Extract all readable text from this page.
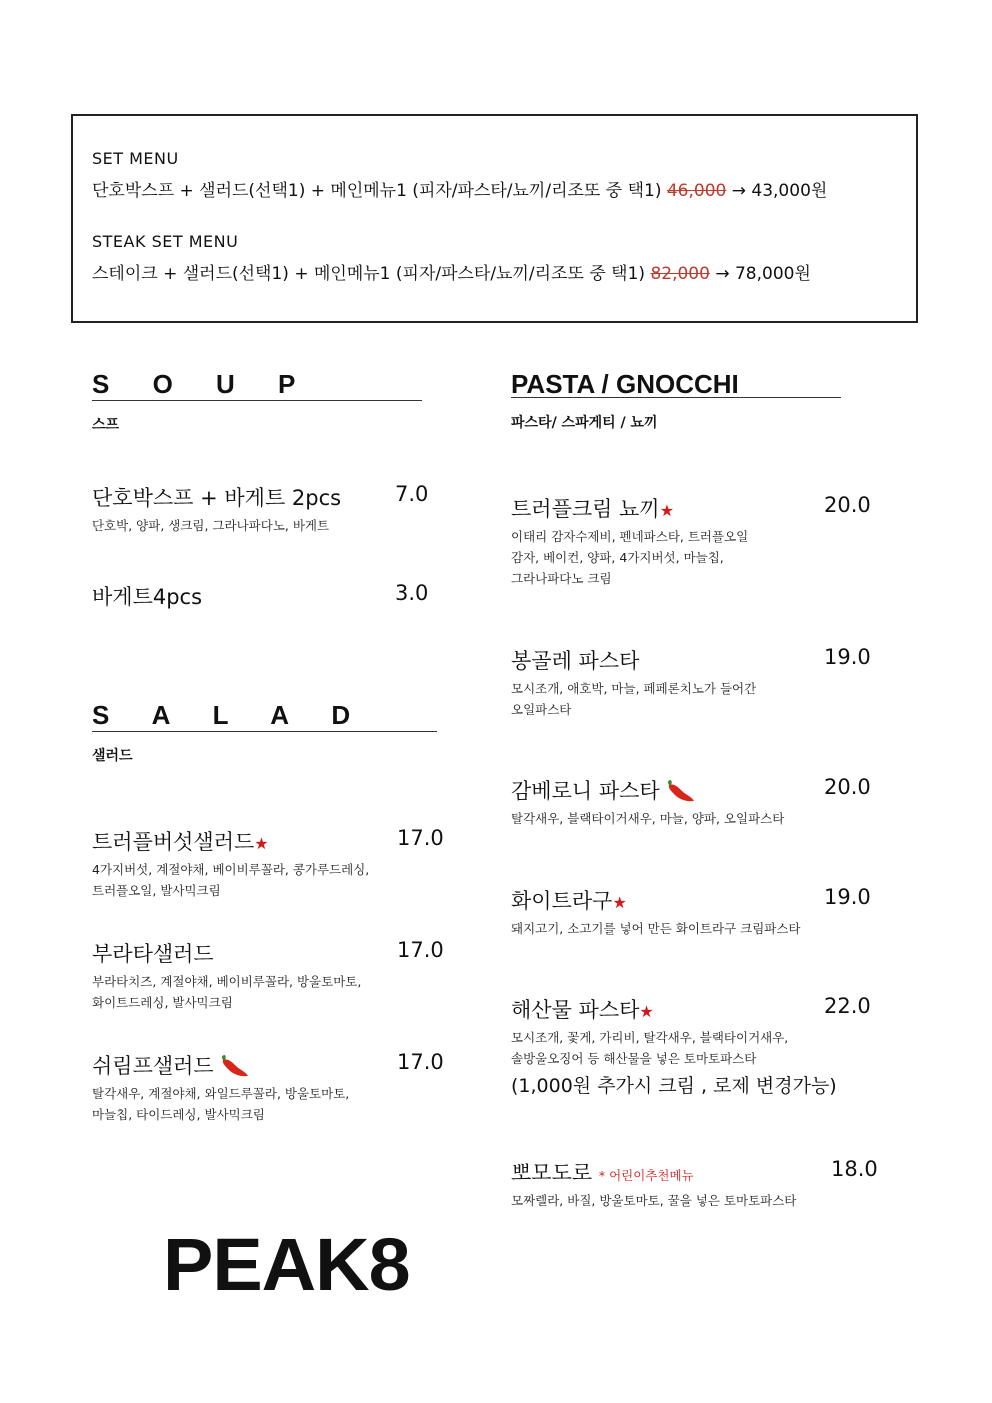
SET MENU
단호박스프 + 샐러드(선택1) + 메인메뉴1 (피자/파스타/뇨끼/리조또 중 택1) 46,000 → 43,000원
STEAK SET MENU
스테이크 + 샐러드(선택1) + 메인메뉴1 (피자/파스타/뇨끼/리조또 중 택1) 82,000 → 78,000원
S O U P
스프
단호박스프 + 바게트 2pcs	7.0
단호박, 양파, 생크림, 그라나파다노, 바게트
바게트4pcs	3.0
S A L A D
샐러드
트러플버섯샐러드★	17.0
4가지버섯, 계절야채, 베이비루꼴라, 콩가루드레싱,
트러플오일, 발사믹크림
부라타샐러드	17.0
부라타치즈, 계절야채, 베이비루꼴라, 방울토마토,
화이트드레싱, 발사믹크림
쉬림프샐러드	17.0
탈각새우, 계절야채, 와일드루꼴라, 방울토마토,
마늘칩, 타이드레싱, 발사믹크림
PASTA / GNOCCHI
파스타/ 스파게티 / 뇨끼
트러플크림 뇨끼★	20.0
이태리 감자수제비, 펜네파스타, 트러플오일
감자, 베이컨, 양파, 4가지버섯, 마늘칩,
그라나파다노 크림
봉골레 파스타	19.0
모시조개, 애호박, 마늘, 페페론치노가 들어간
오일파스타
감베로니 파스타	20.0
탈각새우, 블랙타이거새우, 마늘, 양파, 오일파스타
화이트라구★	19.0
돼지고기, 소고기를 넣어 만든 화이트라구 크림파스타
해산물 파스타★	22.0
모시조개, 꽃게, 가리비, 탈각새우, 블랙타이거새우,
솔방울오징어 등 해산물을 넣은 토마토파스타
(1,000원 추가시 크림 , 로제 변경가능)
뽀모도로 * 어린이추천메뉴	18.0
모짜렐라, 바질, 방울토마토, 꿀을 넣은 토마토파스타
PEAK8
